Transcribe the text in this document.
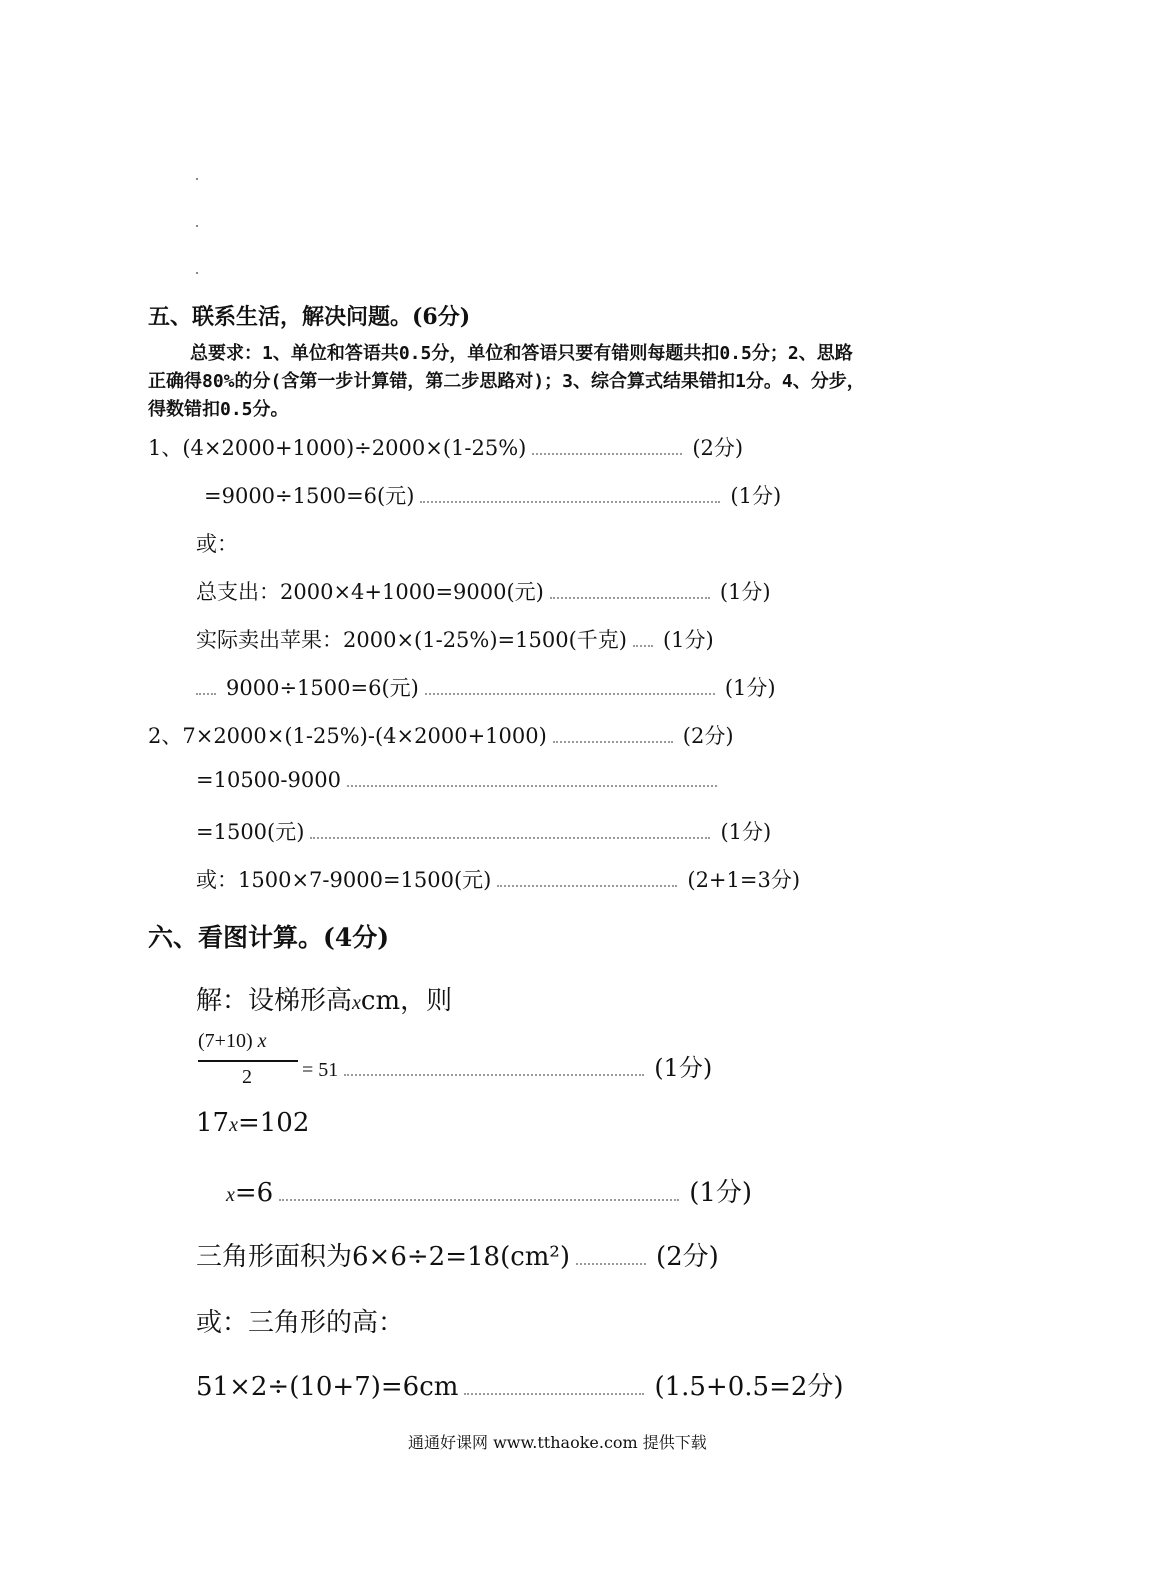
五、联系生活，解决问题。(6分)

总要求：1、单位和答语共0.5分，单位和答语只要有错则每题共扣0.5分；2、思路

正确得80%的分(含第一步计算错，第二步思路对)；3、综合算式结果错扣1分。4、分步，

得数错扣0.5分。

1、(4×2000+1000)÷2000×(1-25%)	(2分)
=9000÷1500=6(元)	(1分)
或：
总支出：2000×4+1000=9000(元)	(1分)
实际卖出苹果：2000×(1-25%)=1500(千克) (1分)
9000÷1500=6(元)	(1分)
2、7×2000×(1-25%)-(4×2000+1000)	(2分)
=10500-9000
=1500(元)	(1分)
或：1500×7-9000=1500(元)	(2+1=3分)
六、看图计算。(4分)
解：设梯形高xcm，则
(7+10) x
2	= 51	(1分)
17x=102
x=6	(1分)
三角形面积为6×6÷2=18(cm²)	(2分)
或：三角形的高：
51×2÷(10+7)=6cm	(1.5+0.5=2分)
通通好课网 www.tthaoke.com 提供下载
